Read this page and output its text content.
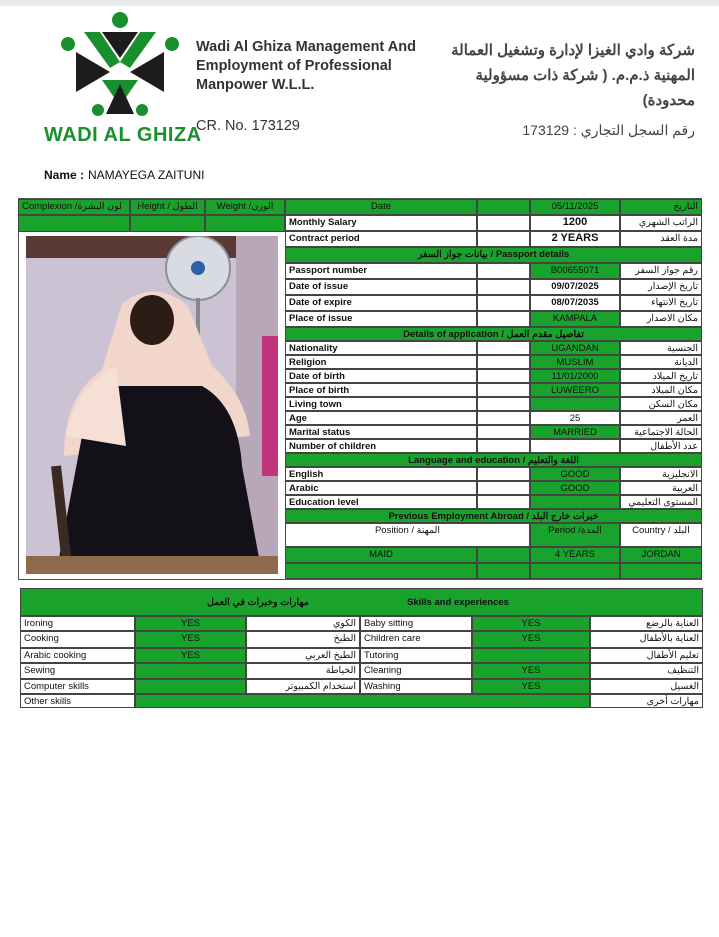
WADI AL GHIZA
Wadi Al Ghiza Management And
Employment of Professional
Manpower W.L.L.
CR. No. 173129
شركة وادي الغيزا لإدارة وتشغيل العمالة
المهنية ذ.م.م. ( شركة ذات مسؤولية
محدودة)
رقم السجل التجاري : 173129
Name : NAMAYEGA ZAITUNI
Complexion /لون البشرة	Height / الطول	Weight /الوزن	Date	05/11/2025	التاريخ
Monthly Salary	1200	الراتب الشهري
Contract period	2 YEARS	مدة العقد
بيانات جواز السفر / Passport details
Passport number	B00655071	رقم جواز السفر
Date of issue	09/07/2025	تاريخ الإصدار
Date of expire	08/07/2035	تاريخ الانتهاء
Place of issue	KAMPALA	مكان الاصدار
Details of application / تفاصيل مقدم العمل
Nationality	UGANDAN	الجنسية
Religion	MUSLIM	الديانة
Date of birth	11/01/2000	تاريخ الميلاد
Place of birth	LUWEERO	مكان الميلاد
Living town	مكان السكن
Age	25	العمر
Marital status	MARRIED	الحالة الاجتماعية
Number of children	عدد الأطفال
Language and education / اللغة والتعليم
English	GOOD	الانجليزية
Arabic	GOOD	العربية
Education level	المستوى التعليمي
Previous Employment Abroad / خبرات خارج البلد
Position / المهنة	Period /المدة	Country / البلد
MAID	4 YEARS	JORDAN
مهارات وخبرات في العمل	Skills and experiences
Ironing	YES	الكوي Baby sitting	YES	العناية بالرضع
Cooking	YES	الطبخ Children care	YES	العناية بالأطفال
Arabic cooking	YES	الطبخ العربي Tutoring	تعليم الأطفال
Sewing	الخياطة Cleaning	YES	التنظيف
Computer skills	استخدام الكمبيوتر Washing	YES	الغسيل
Other skills	مهارات أخرى
